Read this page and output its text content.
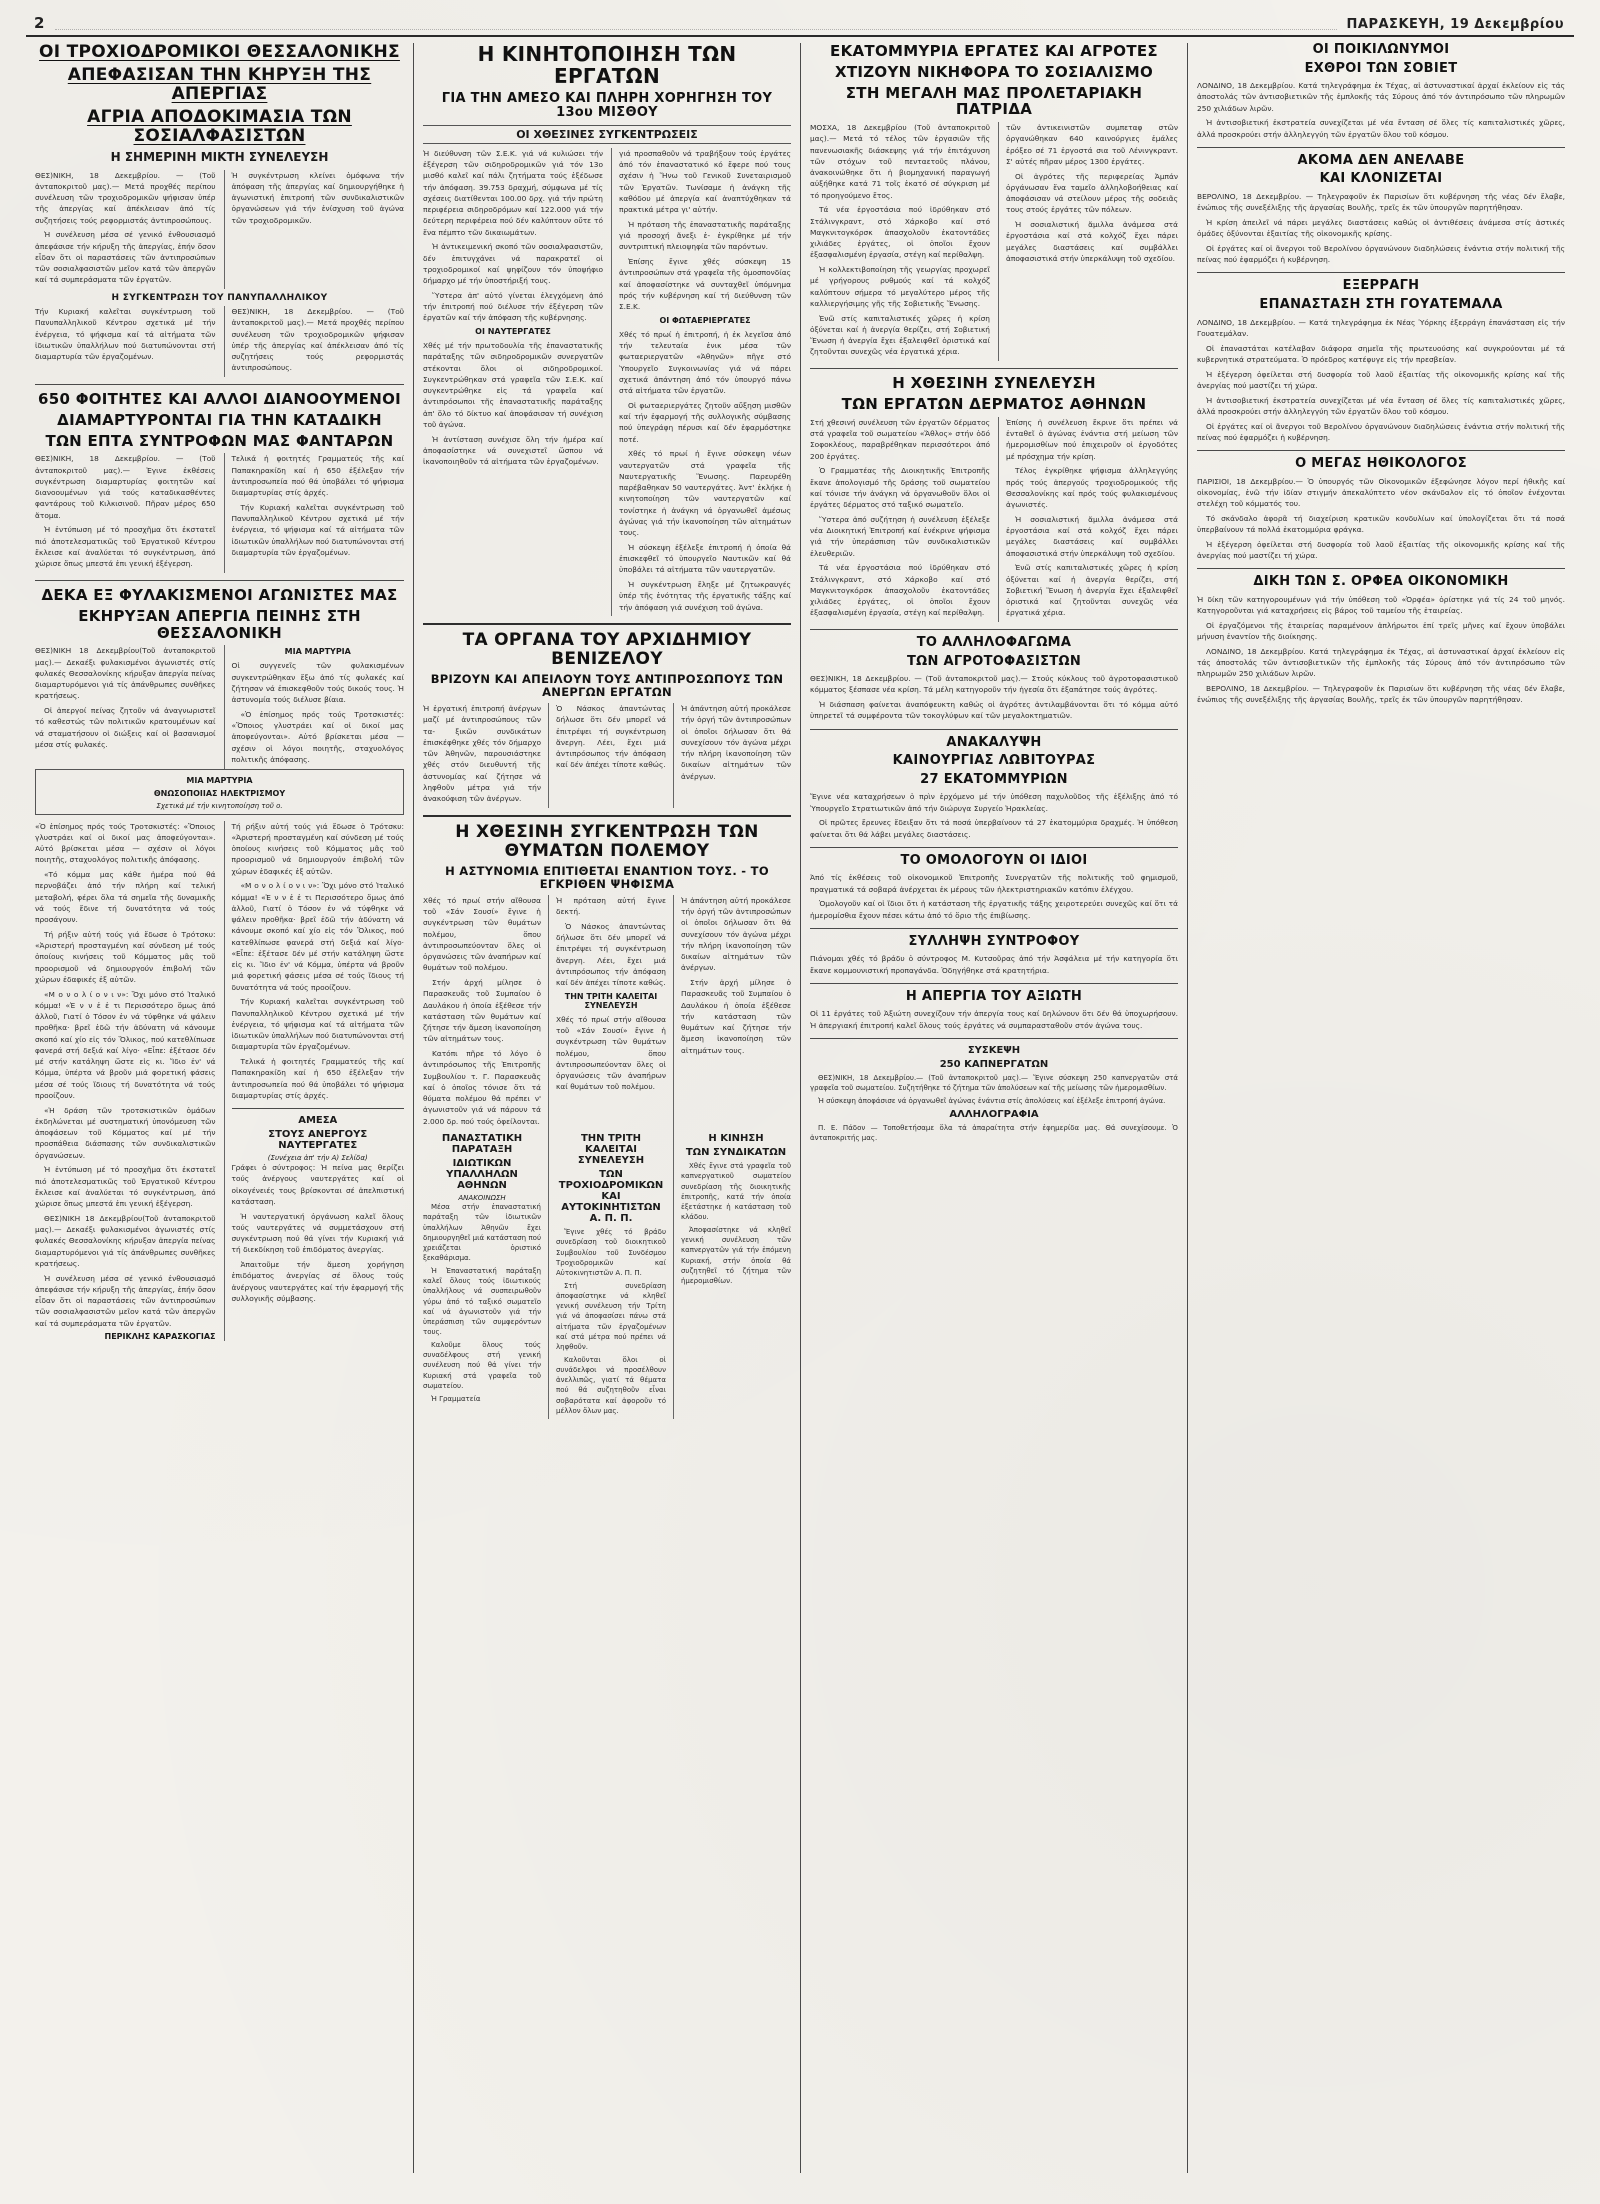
2	ΠΑΡΑΣΚΕΥΗ, 19 Δεκεμβρίου
ΟΙ ΤΡΟΧΙΟΔΡΟΜΙΚΟΙ ΘΕΣΣΑΛΟΝΙΚΗΣ
ΑΠΕΦΑΣΙΣΑΝ ΤΗΝ ΚΗΡΥΞΗ ΤΗΣ ΑΠΕΡΓΙΑΣ
ΑΓΡΙΑ ΑΠΟΔΟΚΙΜΑΣΙΑ ΤΩΝ ΣΟΣΙΑΛΦΑΣΙΣΤΩΝ
Η ΣΗΜΕΡΙΝΗ ΜΙΚΤΗ ΣΥΝΕΛΕΥΣΗ

ΘΕΣ)ΝΙΚΗ, 18 Δεκεμβρίου. — (Τοῦ ἀνταποκριτοῦ μας).— Μετά προχθές περίπου συνέλευση τῶν τροχιοδρομικῶν ψήφισαν ὑπέρ τῆς ἀπεργίας καί ἀπέκλεισαν ἀπό τίς συζητήσεις τούς ρεφορμιστάς ἀντιπροσώπους.

Ἡ συνέλευση μέσα σέ γενικό ἐνθουσιασμό ἀπεφάσισε τήν κήρυξη τῆς ἀπεργίας, ἐπήν ὅσον εἶδαν ὅτι οἱ παραστάσεις τῶν ἀντιπροσώπων τῶν σοσιαλφασιστῶν μεῖον κατά τῶν ἀπεργῶν καί τά συμπεράσματα τῶν ἐργατῶν.

Ἡ συγκέντρωση κλείνει ὁμόφωνα τήν ἀπόφαση τῆς ἀπεργίας καί δημιουργήθηκε ἡ ἀγωνιστική ἐπιτροπή τῶν συνδικαλιστικῶν ὀργανώσεων γιά τήν ἐνίσχυση τοῦ ἀγώνα τῶν τροχιοδρομικῶν.

Η ΣΥΓΚΕΝΤΡΩΣΗ ΤΟΥ ΠΑΝΥΠΑΛΛΗΛΙΚΟΥ

Τήν Κυριακή καλεῖται συγκέντρωση τοῦ Πανυπαλληλικοῦ Κέντρου σχετικά μέ τήν ἐνέργεια, τό ψήφισμα καί τά αἰτήματα τῶν ἰδιωτικῶν ὑπαλλήλων πού διατυπώνονται στή διαμαρτυρία τῶν ἐργαζομένων.

ΘΕΣ)ΝΙΚΗ, 18 Δεκεμβρίου. — (Τοῦ ἀνταποκριτοῦ μας).— Μετά προχθές περίπου συνέλευση τῶν τροχιοδρομικῶν ψήφισαν ὑπέρ τῆς ἀπεργίας καί ἀπέκλεισαν ἀπό τίς συζητήσεις τούς ρεφορμιστάς ἀντιπροσώπους.

650 ΦΟΙΤΗΤΕΣ ΚΑΙ ΑΛΛΟΙ ΔΙΑΝΟΟΥΜΕΝΟΙ
ΔΙΑΜΑΡΤΥΡΟΝΤΑΙ ΓΙΑ ΤΗΝ ΚΑΤΑΔΙΚΗ
ΤΩΝ ΕΠΤΑ ΣΥΝΤΡΟΦΩΝ ΜΑΣ ΦΑΝΤΑΡΩΝ

ΘΕΣ)ΝΙΚΗ, 18 Δεκεμβρίου. — (Τοῦ ἀνταποκριτοῦ μας).— Ἐγινε ἐκθέσεις συγκέντρωση διαμαρτυρίας φοιτητῶν καί διανοουμένων γιά τούς καταδικασθέντες φαντάρους τοῦ Κιλκισινοῦ. Πῆραν μέρος 650 ἄτομα.

Ἡ ἐντύπωση μέ τό προσχῆμα ὅτι ἐκστατεῖ πιό ἀποτελεσματικῶς τοῦ Ἐργατικοῦ Κέντρου ἔκλεισε καί ἀναλύεται τό συγκέντρωση, ἀπό χώρισε ὅπως μπεστά ἐπι γενική ἐξέγερση.

Τελικά ἡ φοιτητές Γραμματεύς τῆς καί Παπακηρακίδη καί ἡ 650 ἐξέλεξαν τήν ἀντιπροσωπεία πού θά ὑποβάλει τό ψήφισμα διαμαρτυρίας στίς ἀρχές.

Τήν Κυριακή καλεῖται συγκέντρωση τοῦ Πανυπαλληλικοῦ Κέντρου σχετικά μέ τήν ἐνέργεια, τό ψήφισμα καί τά αἰτήματα τῶν ἰδιωτικῶν ὑπαλλήλων πού διατυπώνονται στή διαμαρτυρία τῶν ἐργαζομένων.

ΔΕΚΑ ΕΞ ΦΥΛΑΚΙΣΜΕΝΟΙ ΑΓΩΝΙΣΤΕΣ ΜΑΣ
ΕΚΗΡΥΞΑΝ ΑΠΕΡΓΙΑ ΠΕΙΝΗΣ ΣΤΗ ΘΕΣΣΑΛΟΝΙΚΗ

ΘΕΣ)ΝΙΚΗ 18 Δεκεμβρίου(Τοῦ ἀνταποκριτοῦ μας).— Δεκαέξι φυλακισμένοι ἀγωνιστές στίς φυλακές Θεσσαλονίκης κήρυξαν ἀπεργία πείνας διαμαρτυρόμενοι γιά τίς ἀπάνθρωπες συνθῆκες κρατήσεως.

Οἱ ἀπεργοί πείνας ζητοῦν νά ἀναγνωριστεῖ τό καθεστώς τῶν πολιτικῶν κρατουμένων καί νά σταματήσουν οἱ διώξεις καί οἱ βασανισμοί μέσα στίς φυλακές.

ΜΙΑ ΜΑΡΤΥΡΙΑ

Οἱ συγγενεῖς τῶν φυλακισμένων συγκεντρώθηκαν ἔξω ἀπό τίς φυλακές καί ζήτησαν νά ἐπισκεφθοῦν τούς δικούς τους. Ἡ ἀστυνομία τούς διέλυσε βίαια.

«Ὁ ἐπίσημος πρός τούς Τροτσκιστές: «Ὅποιος γλυστράει καί οἱ δικοί μας ἀποφεύγονται». Αὐτό βρίσκεται μέσα — σχέσιν οἱ λόγοι ποιητῆς, σταχυολόγος πολιτικῆς ἀπόφασης.

ΜΙΑ ΜΑΡΤΥΡΙΑ
ΘΝΩΣΟΠΟΙΙΑΣ ΗΛΕΚΤΡΙΣΜΟΥ
Σχετικά μέ τήν κινητοποίηση τοῦ ο.

«Ὁ ἐπίσημος πρός τούς Τροτσκιστές: «Ὅποιος γλυστράει καί οἱ δικοί μας ἀποφεύγονται». Αὐτό βρίσκεται μέσα — σχέσιν οἱ λόγοι ποιητῆς, σταχυολόγος πολιτικῆς ἀπόφασης.

«Τό κόμμα μας κάθε ἡμέρα πού θά περνοβάζει ἀπό τήν πλήρη καί τελική μεταβολή, φέρει ὅλα τά σημεῖα τῆς δυναμικῆς νά τούς ἔδινε τή δυνατότητα νά τούς προσάγουν.

Τή ρήξιν αὐτή τούς γιά ἔδωσε ὁ Τρότσκυ: «Ἀριστερή προσταγμένη καί σύνδεση μέ τούς ὁποίους κινήσεις τοῦ Κόμματος μᾶς τοῦ προορισμοῦ νά δημιουργούν ἐπιβολή τῶν χώρων ἐδαφικές ἐξ αὐτῶν.

«Μ ο ν ο λ ί ο ν ι ν»: Ὅχι μόνο στό Ἰταλικό κόμμα! «Ἑ ν ν ἐ ἐ τι Περισσότερο ὅμως ἀπό ἀλλοῦ, Γιατί ὁ Τόσον ἐν νά τύφθηκε νά ψάλειν προθῆκα· βρεῖ ἐδῶ τήν ἀδύνατη νά κάνουμε σκοπό καί χίο εἰς τόν Ὅλικος, πού κατεθλίπωσε φανερά στή δεξιά καί λίγο· «Εἶπε: ἐξέτασε δέν μέ στήν κατάληψη ὥστε εἰς κι. Ἴδιο ἐν' νά Κόμμα, ὑπέρτα νά βροῦν μιά φορετική φάσεις μέσα σέ τούς ἴδιους τή δυνατότητα νά τούς προοίζουν.

«Ἡ δράση τῶν τροτσκιστικῶν ὁμάδων ἐκδηλώνεται μέ συστηματική ὑπονόμευση τῶν ἀποφάσεων τοῦ Κόμματος καί μέ τήν προσπάθεια διάσπασης τῶν συνδικαλιστικῶν ὀργανώσεων.

Ἡ ἐντύπωση μέ τό προσχῆμα ὅτι ἐκστατεῖ πιό ἀποτελεσματικῶς τοῦ Ἐργατικοῦ Κέντρου ἔκλεισε καί ἀναλύεται τό συγκέντρωση, ἀπό χώρισε ὅπως μπεστά ἐπι γενική ἐξέγερση.

ΘΕΣ)ΝΙΚΗ 18 Δεκεμβρίου(Τοῦ ἀνταποκριτοῦ μας).— Δεκαέξι φυλακισμένοι ἀγωνιστές στίς φυλακές Θεσσαλονίκης κήρυξαν ἀπεργία πείνας διαμαρτυρόμενοι γιά τίς ἀπάνθρωπες συνθῆκες κρατήσεως.

Ἡ συνέλευση μέσα σέ γενικό ἐνθουσιασμό ἀπεφάσισε τήν κήρυξη τῆς ἀπεργίας, ἐπήν ὅσον εἶδαν ὅτι οἱ παραστάσεις τῶν ἀντιπροσώπων τῶν σοσιαλφασιστῶν μεῖον κατά τῶν ἀπεργῶν καί τά συμπεράσματα τῶν ἐργατῶν.

ΠΕΡΙΚΛΗΣ ΚΑΡΑΣΚΟΓΙΑΣ

Τή ρήξιν αὐτή τούς γιά ἔδωσε ὁ Τρότσκυ: «Ἀριστερή προσταγμένη καί σύνδεση μέ τούς ὁποίους κινήσεις τοῦ Κόμματος μᾶς τοῦ προορισμοῦ νά δημιουργούν ἐπιβολή τῶν χώρων ἐδαφικές ἐξ αὐτῶν.

«Μ ο ν ο λ ί ο ν ι ν»: Ὅχι μόνο στό Ἰταλικό κόμμα! «Ἑ ν ν ἐ ἐ τι Περισσότερο ὅμως ἀπό ἀλλοῦ, Γιατί ὁ Τόσον ἐν νά τύφθηκε νά ψάλειν προθῆκα· βρεῖ ἐδῶ τήν ἀδύνατη νά κάνουμε σκοπό καί χίο εἰς τόν Ὅλικος, πού κατεθλίπωσε φανερά στή δεξιά καί λίγο· «Εἶπε: ἐξέτασε δέν μέ στήν κατάληψη ὥστε εἰς κι. Ἴδιο ἐν' νά Κόμμα, ὑπέρτα νά βροῦν μιά φορετική φάσεις μέσα σέ τούς ἴδιους τή δυνατότητα νά τούς προοίζουν.

Τήν Κυριακή καλεῖται συγκέντρωση τοῦ Πανυπαλληλικοῦ Κέντρου σχετικά μέ τήν ἐνέργεια, τό ψήφισμα καί τά αἰτήματα τῶν ἰδιωτικῶν ὑπαλλήλων πού διατυπώνονται στή διαμαρτυρία τῶν ἐργαζομένων.

Τελικά ἡ φοιτητές Γραμματεύς τῆς καί Παπακηρακίδη καί ἡ 650 ἐξέλεξαν τήν ἀντιπροσωπεία πού θά ὑποβάλει τό ψήφισμα διαμαρτυρίας στίς ἀρχές.

ΑΜΕΣΑ
ΣΤΟΥΣ ΑΝΕΡΓΟΥΣ ΝΑΥΤΕΡΓΑΤΕΣ
(Συνέχεια ἀπ' τήν Α) Σελίδα)

Γράφει ὁ σύντροφος: Ἡ πείνα μας θερίζει τούς ἀνέργους ναυτεργάτες καί οἱ οἰκογένειές τους βρίσκονται σέ ἀπελπιστική κατάσταση.

Ἡ ναυτεργατική ὀργάνωση καλεῖ ὅλους τούς ναυτεργάτες νά συμμετάσχουν στή συγκέντρωση πού θά γίνει τήν Κυριακή γιά τή διεκδίκηση τοῦ ἐπιδόματος ἀνεργίας.

Ἀπαιτοῦμε τήν ἄμεση χορήγηση ἐπιδόματος ἀνεργίας σέ ὅλους τούς ἀνέργους ναυτεργάτες καί τήν ἐφαρμογή τῆς συλλογικῆς σύμβασης.

Η ΚΙΝΗΤΟΠΟΙΗΣΗ ΤΩΝ ΕΡΓΑΤΩΝ
ΓΙΑ ΤΗΝ ΑΜΕΣΟ ΚΑΙ ΠΛΗΡΗ ΧΟΡΗΓΗΣΗ ΤΟΥ 13ου ΜΙΣΘΟΥ
ΟΙ ΧΘΕΣΙΝΕΣ ΣΥΓΚΕΝΤΡΩΣΕΙΣ

Ἡ διεύθυνση τῶν Σ.Ε.Κ. γιά νά κυλιώσει τήν ἐξέγερση τῶν σιδηροδρομικῶν γιά τόν 13ο μισθό καλεῖ καί πάλι ζητήματα τούς ἐξέδωσε τήν ἀπόφαση. 39.753 δραχμή, σύμφωνα μέ τίς σχέσεις διατίθενται 100.00 δρχ. γιά τήν πρώτη περιφέρεια σιδηροδρόμων καί 122.000 γιά τήν δεύτερη περιφέρεια πού δέν καλύπτουν οὔτε τό ἕνα πέμπτο τῶν δικαιωμάτων.

Ἡ ἀντικειμενική σκοπό τῶν σοσιαλφασιστῶν, δέν ἐπιτυγχάνει νά παρακρατεῖ οἱ τροχιοδρομικοί καί ψηφίζουν τόν ὑποψήφιο δήμαρχο μέ τήν ὑποστήριξή τους.

Ὕστερα ἀπ' αὐτό γίνεται ἐλεγχόμενη ἀπό τήν ἐπιτροπή πού διέλυσε τήν ἐξέγερση τῶν ἐργατῶν καί τήν ἀπόφαση τῆς κυβέρνησης.

ΟΙ ΝΑΥΤΕΡΓΑΤΕΣ

Χθές μέ τήν πρωτοδουλία τῆς ἐπαναστατικῆς παράταξης τῶν σιδηροδρομικῶν συνεργατῶν στέκονται ὅλοι οἱ σιδηροδρομικοί. Συγκεντρώθηκαν στά γραφεῖα τῶν Σ.Ε.Κ. καί συγκεντρώθηκε εἰς τά γραφεῖα καί ἀντιπρόσωποι τῆς ἐπαναστατικῆς παράταξης ἀπ' ὅλο τό δίκτυο καί ἀποφάσισαν τή συνέχιση τοῦ ἀγώνα.

Ἡ ἀντίσταση συνέχισε ὅλη τήν ἡμέρα καί ἀποφασίστηκε νά συνεχιστεῖ ὥσπου νά ἱκανοποιηθοῦν τά αἰτήματα τῶν ἐργαζομένων.

γιά προσπαθοῦν νά τραβήξουν τούς ἐργάτες ἀπό τόν ἐπαναστατικό κό ἔφερε πού τους σχέσιν ἡ Ἥνω τοῦ Γενικοῦ Συνεταιρισμοῦ τῶν Ἐργατῶν. Τωνίσαμε ἡ ἀνάγκη τῆς καθόδου μέ ἀπεργία καί ἀναπτύχθηκαν τά πρακτικά μέτρα γι' αὐτήν.

Ἡ πρόταση τῆς ἐπαναστατικῆς παράταξης γιά προσοχή ἄνεξι ἐ- ἐγκρίθηκε μέ τήν συντριπτική πλειοψηφία τῶν παρόντων.

Ἐπίσης ἔγινε χθές σύσκεψη 15 ἀντιπροσώπων στά γραφεῖα τῆς ὁμοσπονδίας καί ἀποφασίστηκε νά συνταχθεῖ ὑπόμνημα πρός τήν κυβέρνηση καί τή διεύθυνση τῶν Σ.Ε.Κ.

ΟΙ ΦΩΤΑΕΡΙΕΡΓΑΤΕΣ

Χθές τό πρωί ἡ ἐπιτροπή, ἡ ἐκ λεγεῖσα ἀπό τήν τελευταία ἐνικ μέσα τῶν φωταεριεργατῶν «Ἀθηνῶν» πῆγε στό Ὑπουργεῖο Συγκοινωνίας γιά νά πάρει σχετικά ἀπάντηση ἀπό τόν ὑπουργό πάνω στά αἰτήματα τῶν ἐργατῶν.

Οἱ φωταεριεργάτες ζητοῦν αὔξηση μισθῶν καί τήν ἐφαρμογή τῆς συλλογικῆς σύμβασης πού ὑπεγράφη πέρυσι καί δέν ἐφαρμόστηκε ποτέ.

Χθές τό πρωί ἡ ἔγινε σύσκεψη νέων ναυτεργατῶν στά γραφεῖα τῆς Ναυτεργατικῆς Ἕνωσης. Παρευρέθη παρέβαθηκαν 50 ναυτεργάτες. Ἀντ' ἐκλήκε ἡ κινητοποίηση τῶν ναυτεργατῶν καί τονίστηκε ἡ ἀνάγκη νά ὀργανωθεῖ ἀμέσως ἀγώνας γιά τήν ἱκανοποίηση τῶν αἰτημάτων τους.

Ἡ σύσκεψη ἐξέλεξε ἐπιτροπή ἡ ὁποία θά ἐπισκεφθεῖ τό ὑπουργεῖο Ναυτικῶν καί θά ὑποβάλει τά αἰτήματα τῶν ναυτεργατῶν.

Ἡ συγκέντρωση ἔληξε μέ ζητωκραυγές ὑπέρ τῆς ἑνότητας τῆς ἐργατικῆς τάξης καί τήν ἀπόφαση γιά συνέχιση τοῦ ἀγώνα.

ΤΑ ΟΡΓΑΝΑ ΤΟΥ ΑΡΧΙΔΗΜΙΟΥ ΒΕΝΙΖΕΛΟΥ
ΒΡΙΖΟΥΝ ΚΑΙ ΑΠΕΙΛΟΥΝ ΤΟΥΣ ΑΝΤΙΠΡΟΣΩΠΟΥΣ ΤΩΝ ΑΝΕΡΓΩΝ ΕΡΓΑΤΩΝ

Ἡ ἐργατική ἐπιτροπή ἀνέργων μαζί μέ ἀντιπροσώπους τῶν τα- ξικῶν συνδικάτων ἐπισκέφθηκε χθές τόν δήμαρχο τῶν Ἀθηνῶν, παρουσιάστηκε χθές στόν διευθυντή τῆς ἀστυνομίας καί ζήτησε νά ληφθοῦν μέτρα γιά τήν ἀνακούφιση τῶν ἀνέργων.

Ὁ Νάσκος ἀπαντώντας δήλωσε ὅτι δέν μπορεῖ νά ἐπιτρέψει τή συγκέντρωση ἄνεργη. Λέει, ἔχει μιά ἀντιπρόσωπος τήν ἀπόφαση καί δέν ἀπέχει τίποτε καθώς.

Ἡ ἀπάντηση αὐτή προκάλεσε τήν ὀργή τῶν ἀντιπροσώπων οἱ ὁποῖοι δήλωσαν ὅτι θά συνεχίσουν τόν ἀγώνα μέχρι τήν πλήρη ἱκανοποίηση τῶν δικαίων αἰτημάτων τῶν ἀνέργων.

Η ΧΘΕΣΙΝΗ ΣΥΓΚΕΝΤΡΩΣΗ ΤΩΝ ΘΥΜΑΤΩΝ ΠΟΛΕΜΟΥ
Η ΑΣΤΥΝΟΜΙΑ ΕΠΙΤΙΘΕΤΑΙ ΕΝΑΝΤΙΟΝ ΤΟΥΣ. - ΤΟ ΕΓΚΡΙΘΕΝ ΨΗΦΙΣΜΑ

Χθές τό πρωί στήν αἴθουσα τοῦ «Σάν Σουσί» ἔγινε ἡ συγκέντρωση τῶν θυμάτων πολέμου, ὅπου ἀντιπροσωπεύονταν ὅλες οἱ ὀργανώσεις τῶν ἀναπήρων καί θυμάτων τοῦ πολέμου.

Στήν ἀρχή μίλησε ὁ Παρασκευᾶς τοῦ Συμπαίου ὁ Δαυλάκου ἡ ὁποία ἐξέθεσε τήν κατάσταση τῶν θυμάτων καί ζήτησε τήν ἄμεση ἱκανοποίηση τῶν αἰτημάτων τους.

Κατόπι πῆρε τό λόγο ὁ ἀντιπρόσωπος τῆς Ἐπιτροπῆς Συμβουλίου τ. Γ. Παρασκευᾶς καί ὁ ὁποῖος τόνισε ὅτι τά θύματα πολέμου θά πρέπει ν' ἀγωνιστοῦν γιά νά πάρουν τά 2.000 δρ. πού τούς ὀφείλονται.

Ἡ πρόταση αὐτή ἔγινε δεκτή.

Ὁ Νάσκος ἀπαντώντας δήλωσε ὅτι δέν μπορεῖ νά ἐπιτρέψει τή συγκέντρωση ἄνεργη. Λέει, ἔχει μιά ἀντιπρόσωπος τήν ἀπόφαση καί δέν ἀπέχει τίποτε καθώς.

ΤΗΝ ΤΡΙΤΗ ΚΑΛΕΙΤΑΙ ΣΥΝΕΛΕΥΣΗ

Χθές τό πρωί στήν αἴθουσα τοῦ «Σάν Σουσί» ἔγινε ἡ συγκέντρωση τῶν θυμάτων πολέμου, ὅπου ἀντιπροσωπεύονταν ὅλες οἱ ὀργανώσεις τῶν ἀναπήρων καί θυμάτων τοῦ πολέμου.

Ἡ ἀπάντηση αὐτή προκάλεσε τήν ὀργή τῶν ἀντιπροσώπων οἱ ὁποῖοι δήλωσαν ὅτι θά συνεχίσουν τόν ἀγώνα μέχρι τήν πλήρη ἱκανοποίηση τῶν δικαίων αἰτημάτων τῶν ἀνέργων.

Στήν ἀρχή μίλησε ὁ Παρασκευᾶς τοῦ Συμπαίου ὁ Δαυλάκου ἡ ὁποία ἐξέθεσε τήν κατάσταση τῶν θυμάτων καί ζήτησε τήν ἄμεση ἱκανοποίηση τῶν αἰτημάτων τους.

ΠΑΝΑΣΤΑΤΙΚΗ ΠΑΡΑΤΑΞΗ
ΙΔΙΩΤΙΚΩΝ ΥΠΑΛΛΗΛΩΝ ΑΘΗΝΩΝ
ΑΝΑΚΟΙΝΩΣΗ

Μέσα στήν ἐπαναστατική παράταξη τῶν ἰδιωτικῶν ὑπαλλήλων Ἀθηνῶν ἔχει δημιουργηθεῖ μιά κατάσταση πού χρειάζεται ὁριστικό ξεκαθάρισμα.

Ἡ Ἐπαναστατική παράταξη καλεῖ ὅλους τούς ἰδιωτικούς ὑπαλλήλους νά συσπειρωθοῦν γύρω ἀπό τό ταξικό σωματεῖο καί νά ἀγωνιστοῦν γιά τήν ὑπεράσπιση τῶν συμφερόντων τους.

Καλοῦμε ὅλους τούς συναδέλφους στή γενική συνέλευση πού θά γίνει τήν Κυριακή στά γραφεῖα τοῦ σωματείου.

Ἡ Γραμματεία

ΤΗΝ ΤΡΙΤΗ ΚΑΛΕΙΤΑΙ ΣΥΝΕΛΕΥΣΗ
ΤΩΝ ΤΡΟΧΙΟΔΡΟΜΙΚΩΝ ΚΑΙ ΑΥΤΟΚΙΝΗΤΙΣΤΩΝ Α. Π. Π.

Ἔγινε χθές τό βράδυ συνεδρίαση τοῦ διοικητικοῦ Συμβουλίου τοῦ Συνδέσμου Τροχιοδρομικῶν καί Αὐτοκινητιστῶν Α. Π. Π.

Στή συνεδρίαση ἀποφασίστηκε νά κληθεῖ γενική συνέλευση τήν Τρίτη γιά νά ἀποφασίσει πάνω στά αἰτήματα τῶν ἐργαζομένων καί στά μέτρα πού πρέπει νά ληφθοῦν.

Καλοῦνται ὅλοι οἱ συνάδελφοι νά προσέλθουν ἀνελλιπῶς, γιατί τά θέματα πού θά συζητηθοῦν εἶναι σοβαρότατα καί ἀφοροῦν τό μέλλον ὅλων μας.

Η ΚΙΝΗΣΗ
ΤΩΝ ΣΥΝΔΙΚΑΤΩΝ

Χθές ἔγινε στά γραφεῖα τοῦ καπνεργατικοῦ σωματείου συνεδρίαση τῆς διοικητικῆς ἐπιτροπῆς, κατά τήν ὁποία ἐξετάστηκε ἡ κατάσταση τοῦ κλάδου.

Ἀποφασίστηκε νά κληθεῖ γενική συνέλευση τῶν καπνεργατῶν γιά τήν ἑπόμενη Κυριακή, στήν ὁποία θά συζητηθεῖ τό ζήτημα τῶν ἡμερομισθίων.

ΕΚΑΤΟΜΜΥΡΙΑ ΕΡΓΑΤΕΣ ΚΑΙ ΑΓΡΟΤΕΣ
ΧΤΙΖΟΥΝ ΝΙΚΗΦΟΡΑ ΤΟ ΣΟΣΙΑΛΙΣΜΟ
ΣΤΗ ΜΕΓΑΛΗ ΜΑΣ ΠΡΟΛΕΤΑΡΙΑΚΗ ΠΑΤΡΙΔΑ

ΜΟΣΧΑ, 18 Δεκεμβρίου (Τοῦ ἀνταποκριτοῦ μας).— Μετά τό τέλος τῶν ἐργασιῶν τῆς πανενωσιακῆς διάσκεψης γιά τήν ἐπιτάχυνση τῶν στόχων τοῦ πενταετοῦς πλάνου, ἀνακοινώθηκε ὅτι ἡ βιομηχανική παραγωγή αὐξήθηκε κατά 71 τοῖς ἑκατό σέ σύγκριση μέ τό προηγούμενο ἔτος.

Τά νέα ἐργοστάσια πού ἱδρύθηκαν στό Στάλινγκραντ, στό Χάρκοβο καί στό Μαγκνιτογκόρσκ ἀπασχολοῦν ἑκατοντάδες χιλιάδες ἐργάτες, οἱ ὁποῖοι ἔχουν ἐξασφαλισμένη ἐργασία, στέγη καί περίθαλψη.

Ἡ κολλεκτιβοποίηση τῆς γεωργίας προχωρεῖ μέ γρήγορους ρυθμούς καί τά κολχόζ καλύπτουν σήμερα τό μεγαλύτερο μέρος τῆς καλλιεργήσιμης γῆς τῆς Σοβιετικῆς Ἕνωσης.

Ἐνῶ στίς καπιταλιστικές χῶρες ἡ κρίση ὀξύνεται καί ἡ ἀνεργία θερίζει, στή Σοβιετική Ἕνωση ἡ ἀνεργία ἔχει ἐξαλειφθεῖ ὁριστικά καί ζητοῦνται συνεχῶς νέα ἐργατικά χέρια.

τῶν ἀντικεινιστῶν συμπεταφ στῶν ὀργανώθηκαν 640 καινούργιες ἐμάλες ἐρόξεο σέ 71 ἐργοστά σια τοῦ Λένινγκραντ. Σ' αὐτές πῆραν μέρος 1300 ἐργάτες.

Οἱ ἀγρότες τῆς περιφερείας Ἀμπάν ὀργάνωσαν ἕνα ταμεῖο ἀλληλοβοήθειας καί ἀποφάσισαν νά στείλουν μέρος τῆς σοδειᾶς τους στούς ἐργάτες τῶν πόλεων.

Ἡ σοσιαλιστική ἄμιλλα ἀνάμεσα στά ἐργοστάσια καί στά κολχόζ ἔχει πάρει μεγάλες διαστάσεις καί συμβάλλει ἀποφασιστικά στήν ὑπερκάλυψη τοῦ σχεδίου.

Η ΧΘΕΣΙΝΗ ΣΥΝΕΛΕΥΣΗ
ΤΩΝ ΕΡΓΑΤΩΝ ΔΕΡΜΑΤΟΣ ΑΘΗΝΩΝ

Στή χθεσινή συνέλευση τῶν ἐργατῶν δέρματος στά γραφεῖα τοῦ σωματείου «Ἄθλος» στήν ὁδό Σοφοκλέους, παραβρέθηκαν περισσότεροι ἀπό 200 ἐργάτες.

Ὁ Γραμματέας τῆς Διοικητικῆς Ἐπιτροπῆς ἔκανε ἀπολογισμό τῆς δράσης τοῦ σωματείου καί τόνισε τήν ἀνάγκη νά ὀργανωθοῦν ὅλοι οἱ ἐργάτες δέρματος στό ταξικό σωματεῖο.

Ὕστερα ἀπό συζήτηση ἡ συνέλευση ἐξέλεξε νέα Διοικητική Ἐπιτροπή καί ἐνέκρινε ψήφισμα γιά τήν ὑπεράσπιση τῶν συνδικαλιστικῶν ἐλευθεριῶν.

Τά νέα ἐργοστάσια πού ἱδρύθηκαν στό Στάλινγκραντ, στό Χάρκοβο καί στό Μαγκνιτογκόρσκ ἀπασχολοῦν ἑκατοντάδες χιλιάδες ἐργάτες, οἱ ὁποῖοι ἔχουν ἐξασφαλισμένη ἐργασία, στέγη καί περίθαλψη.

Ἐπίσης ἡ συνέλευση ἔκρινε ὅτι πρέπει νά ἐνταθεῖ ὁ ἀγώνας ἐνάντια στή μείωση τῶν ἡμερομισθίων πού ἐπιχειροῦν οἱ ἐργοδότες μέ πρόσχημα τήν κρίση.

Τέλος ἐγκρίθηκε ψήφισμα ἀλληλεγγύης πρός τούς ἀπεργούς τροχιοδρομικούς τῆς Θεσσαλονίκης καί πρός τούς φυλακισμένους ἀγωνιστές.

Ἡ σοσιαλιστική ἄμιλλα ἀνάμεσα στά ἐργοστάσια καί στά κολχόζ ἔχει πάρει μεγάλες διαστάσεις καί συμβάλλει ἀποφασιστικά στήν ὑπερκάλυψη τοῦ σχεδίου.

Ἐνῶ στίς καπιταλιστικές χῶρες ἡ κρίση ὀξύνεται καί ἡ ἀνεργία θερίζει, στή Σοβιετική Ἕνωση ἡ ἀνεργία ἔχει ἐξαλειφθεῖ ὁριστικά καί ζητοῦνται συνεχῶς νέα ἐργατικά χέρια.

ΤΟ ΑΛΛΗΛΟΦΑΓΩΜΑ
ΤΩΝ ΑΓΡΟΤΟΦΑΣΙΣΤΩΝ

ΘΕΣ)ΝΙΚΗ, 18 Δεκεμβρίου. — (Τοῦ ἀνταποκριτοῦ μας).— Στούς κύκλους τοῦ ἀγροτοφασιστικοῦ κόμματος ξέσπασε νέα κρίση. Τά μέλη κατηγοροῦν τήν ἡγεσία ὅτι ἐξαπάτησε τούς ἀγρότες.

Ἡ διάσπαση φαίνεται ἀναπόφευκτη καθώς οἱ ἀγρότες ἀντιλαμβάνονται ὅτι τό κόμμα αὐτό ὑπηρετεῖ τά συμφέροντα τῶν τοκογλύφων καί τῶν μεγαλοκτηματιῶν.

ΑΝΑΚΑΛΥΨΗ
ΚΑΙΝΟΥΡΓΙΑΣ ΛΩΒΙΤΟΥΡΑΣ
27 ΕΚΑΤΟΜΜΥΡΙΩΝ

Ἔγινε νέα καταχρήσεων ὁ πρὶν ἐρχόμενο μέ τήν ὑπόθεση παχυλοῦδος τῆς ἐξέλιξης ἀπό τό Ὑπουργεῖο Στρατιωτικῶν ἀπό τήν διώρυγα Συργείο Ἡρακλείας.

Οἱ πρῶτες ἔρευνες ἔδειξαν ὅτι τά ποσά ὑπερβαίνουν τά 27 ἑκατομμύρια δραχμές. Ἡ ὑπόθεση φαίνεται ὅτι θά λάβει μεγάλες διαστάσεις.

ΤΟ ΟΜΟΛΟΓΟΥΝ ΟΙ ΙΔΙΟΙ

Ἀπό τίς ἐκθέσεις τοῦ οἰκονομικοῦ Ἐπιτροπῆς Συνεργατῶν τῆς πολιτικῆς τοῦ φημισμοῦ, πραγματικά τά σοβαρά ἀνέρχεται ἐκ μέρους τῶν ἠλεκτριστηριακῶν κατόπιν ἐλέγχου.

Ὁμολογοῦν καί οἱ ἴδιοι ὅτι ἡ κατάσταση τῆς ἐργατικῆς τάξης χειροτερεύει συνεχῶς καί ὅτι τά ἡμερομίσθια ἔχουν πέσει κάτω ἀπό τό ὅριο τῆς ἐπιβίωσης.

ΣΥΛΛΗΨΗ ΣΥΝΤΡΟΦΟΥ

Πιάνομαι χθές τό βράδυ ὁ σύντροφος Μ. Κυτσοῦρας ἀπό τήν Ἀσφάλεια μέ τήν κατηγορία ὅτι ἔκανε κομμουνιστική προπαγάνδα. Ὁδηγήθηκε στά κρατητήρια.

Η ΑΠΕΡΓΙΑ ΤΟΥ ΑΞΙΩΤΗ

Οἱ 11 ἐργάτες τοῦ Ἀξιώτη συνεχίζουν τήν ἀπεργία τους καί δηλώνουν ὅτι δέν θά ὑποχωρήσουν. Ἡ ἀπεργιακή ἐπιτροπή καλεῖ ὅλους τούς ἐργάτες νά συμπαρασταθοῦν στόν ἀγώνα τους.

ΣΥΣΚΕΨΗ
250 ΚΑΠΝΕΡΓΑΤΩΝ

ΘΕΣ)ΝΙΚΗ, 18 Δεκεμβρίου.— (Τοῦ ἀνταποκριτοῦ μας).— Ἔγινε σύσκεψη 250 καπνεργατῶν στά γραφεῖα τοῦ σωματείου. Συζητήθηκε τό ζήτημα τῶν ἀπολύσεων καί τῆς μείωσης τῶν ἡμερομισθίων.

Ἡ σύσκεψη ἀποφάσισε νά ὀργανωθεῖ ἀγώνας ἐνάντια στίς ἀπολύσεις καί ἐξέλεξε ἐπιτροπή ἀγώνα.

ΑΛΛΗΛΟΓΡΑΦΙΑ

Π. Ε. Πάδον — Τοποθετήσαμε ὅλα τά ἀπαραίτητα στήν ἐφημερίδα μας. Θά συνεχίσουμε. Ὁ ἀνταποκριτής μας.

ΟΙ ΠΟΙΚΙΛΩΝΥΜΟΙ
ΕΧΘΡΟΙ ΤΩΝ ΣΟΒΙΕΤ

ΛΟΝΔΙΝΟ, 18 Δεκεμβρίου. Κατά τηλεγράφημα ἐκ Τέχας, αἱ ἀστυναστικαί ἀρχαί ἐκλείουν εἰς τάς ἀποστολάς τῶν ἀντισοβιετικῶν τῆς ἐμπλοκῆς τάς Σύρους ἀπό τόν ἀντιπρόσωπο τῶν πληρωμῶν 250 χιλιάδων λιρῶν.

Ἡ ἀντισοβιετική ἐκστρατεία συνεχίζεται μέ νέα ἔνταση σέ ὅλες τίς καπιταλιστικές χῶρες, ἀλλά προσκρούει στήν ἀλληλεγγύη τῶν ἐργατῶν ὅλου τοῦ κόσμου.

ΑΚΟΜΑ ΔΕΝ ΑΝΕΛΑΒΕ
ΚΑΙ ΚΛΟΝΙΖΕΤΑΙ

ΒΕΡΟΛΙΝΟ, 18 Δεκεμβρίου. — Τηλεγραφοῦν ἐκ Παρισίων ὅτι κυβέρνηση τῆς νέας δέν ἔλαβε, ἐνώπιος τῆς συνεξέλιξης τῆς ἀργασίας Βουλῆς, τρεῖς ἐκ τῶν ὑπουργῶν παρητήθησαν.

Ἡ κρίση ἀπειλεῖ νά πάρει μεγάλες διαστάσεις καθώς οἱ ἀντιθέσεις ἀνάμεσα στίς ἀστικές ὁμάδες ὀξύνονται ἐξαιτίας τῆς οἰκονομικῆς κρίσης.

Οἱ ἐργάτες καί οἱ ἄνεργοι τοῦ Βερολίνου ὀργανώνουν διαδηλώσεις ἐνάντια στήν πολιτική τῆς πείνας πού ἐφαρμόζει ἡ κυβέρνηση.

ΕΞΕΡΡΑΓΗ
ΕΠΑΝΑΣΤΑΣΗ ΣΤΗ ΓΟΥΑΤΕΜΑΛΑ

ΛΟΝΔΙΝΟ, 18 Δεκεμβρίου. — Κατά τηλεγράφημα ἐκ Νέας Ὑόρκης ἐξερράγη ἐπανάσταση εἰς τήν Γουατεμάλαν.

Οἱ ἐπαναστάται κατέλαβαν διάφορα σημεῖα τῆς πρωτευούσης καί συγκρούονται μέ τά κυβερνητικά στρατεύματα. Ὁ πρόεδρος κατέφυγε εἰς τήν πρεσβείαν.

Ἡ ἐξέγερση ὀφείλεται στή δυσφορία τοῦ λαοῦ ἐξαιτίας τῆς οἰκονομικῆς κρίσης καί τῆς ἀνεργίας πού μαστίζει τή χώρα.

Ἡ ἀντισοβιετική ἐκστρατεία συνεχίζεται μέ νέα ἔνταση σέ ὅλες τίς καπιταλιστικές χῶρες, ἀλλά προσκρούει στήν ἀλληλεγγύη τῶν ἐργατῶν ὅλου τοῦ κόσμου.

Οἱ ἐργάτες καί οἱ ἄνεργοι τοῦ Βερολίνου ὀργανώνουν διαδηλώσεις ἐνάντια στήν πολιτική τῆς πείνας πού ἐφαρμόζει ἡ κυβέρνηση.

Ο ΜΕΓΑΣ ΗΘΙΚΟΛΟΓΟΣ

ΠΑΡΙΣΙΟΙ, 18 Δεκεμβρίου.— Ὁ ὑπουργός τῶν Οἰκονομικῶν ἐξεφώνησε λόγον περί ἠθικῆς καί οἰκονομίας, ἐνῶ τήν ἰδίαν στιγμήν ἀπεκαλύπτετο νέον σκάνδαλον εἰς τό ὁποῖον ἐνέχονται στελέχη τοῦ κόμματός του.

Τό σκάνδαλο ἀφορᾶ τή διαχείριση κρατικῶν κονδυλίων καί ὑπολογίζεται ὅτι τά ποσά ὑπερβαίνουν τά πολλά ἑκατομμύρια φράγκα.

Ἡ ἐξέγερση ὀφείλεται στή δυσφορία τοῦ λαοῦ ἐξαιτίας τῆς οἰκονομικῆς κρίσης καί τῆς ἀνεργίας πού μαστίζει τή χώρα.

ΔΙΚΗ ΤΩΝ Σ. ΟΡΦΕΑ ΟΙΚΟΝΟΜΙΚΗ

Ἡ δίκη τῶν κατηγορουμένων γιά τήν ὑπόθεση τοῦ «Ὀρφέα» ὁρίστηκε γιά τίς 24 τοῦ μηνός. Κατηγοροῦνται γιά καταχρήσεις εἰς βάρος τοῦ ταμείου τῆς ἑταιρείας.

Οἱ ἐργαζόμενοι τῆς ἑταιρείας παραμένουν ἀπλήρωτοι ἐπί τρεῖς μῆνες καί ἔχουν ὑποβάλει μήνυση ἐναντίον τῆς διοίκησης.

ΛΟΝΔΙΝΟ, 18 Δεκεμβρίου. Κατά τηλεγράφημα ἐκ Τέχας, αἱ ἀστυναστικαί ἀρχαί ἐκλείουν εἰς τάς ἀποστολάς τῶν ἀντισοβιετικῶν τῆς ἐμπλοκῆς τάς Σύρους ἀπό τόν ἀντιπρόσωπο τῶν πληρωμῶν 250 χιλιάδων λιρῶν.

ΒΕΡΟΛΙΝΟ, 18 Δεκεμβρίου. — Τηλεγραφοῦν ἐκ Παρισίων ὅτι κυβέρνηση τῆς νέας δέν ἔλαβε, ἐνώπιος τῆς συνεξέλιξης τῆς ἀργασίας Βουλῆς, τρεῖς ἐκ τῶν ὑπουργῶν παρητήθησαν.
